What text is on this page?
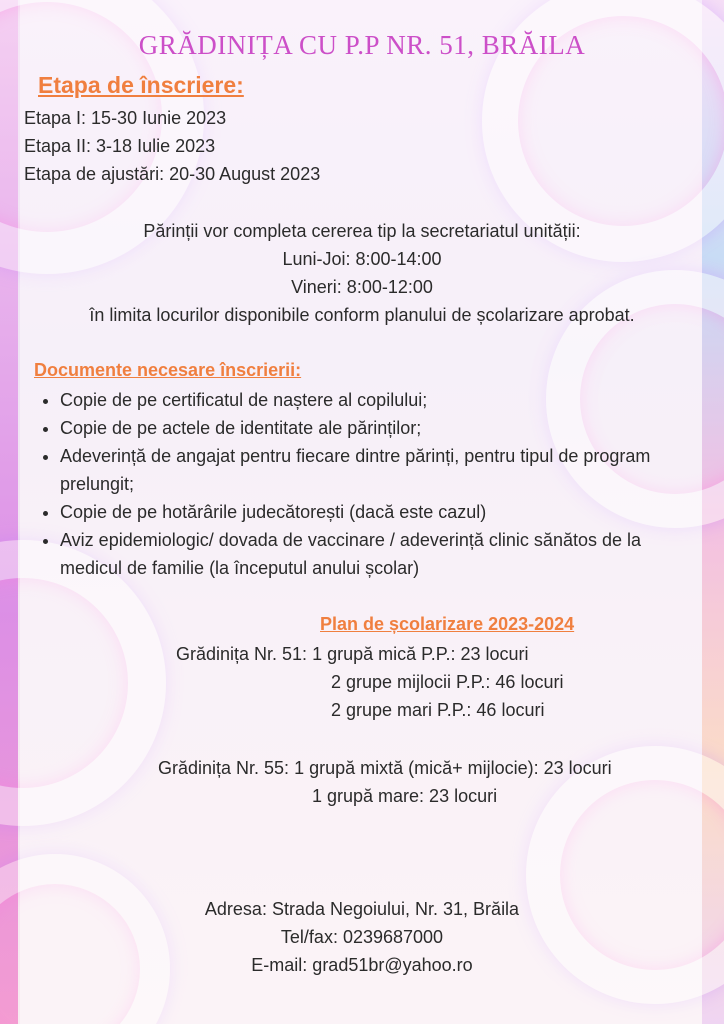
GRĂDINIȚA CU P.P NR. 51, BRĂILA
Etapa de înscriere:
Etapa I: 15-30 Iunie 2023
Etapa II: 3-18 Iulie 2023
Etapa de ajustări: 20-30 August 2023
Părinții vor completa cererea tip la secretariatul unității:
Luni-Joi: 8:00-14:00
Vineri: 8:00-12:00
în limita locurilor disponibile conform planului de școlarizare aprobat.
Documente necesare înscrierii:
• Copie de pe certificatul de naștere al copilului;
• Copie de pe actele de identitate ale părinților;
• Adeverință de angajat pentru fiecare dintre părinți, pentru tipul de program prelungit;
• Copie de pe hotărârile judecătorești (dacă este cazul)
• Aviz epidemiologic/ dovada de vaccinare / adeverință clinic sănătos de la medicul de familie (la începutul anului școlar)
Plan de școlarizare 2023-2024
Grădinița Nr. 51: 1 grupă mică P.P.: 23 locuri
2 grupe mijlocii P.P.: 46 locuri
2 grupe mari P.P.: 46 locuri
Grădinița Nr. 55: 1 grupă mixtă (mică+ mijlocie): 23 locuri
1 grupă mare: 23 locuri
Adresa: Strada Negoiului, Nr. 31, Brăila
Tel/fax: 0239687000
E-mail: grad51br@yahoo.ro
